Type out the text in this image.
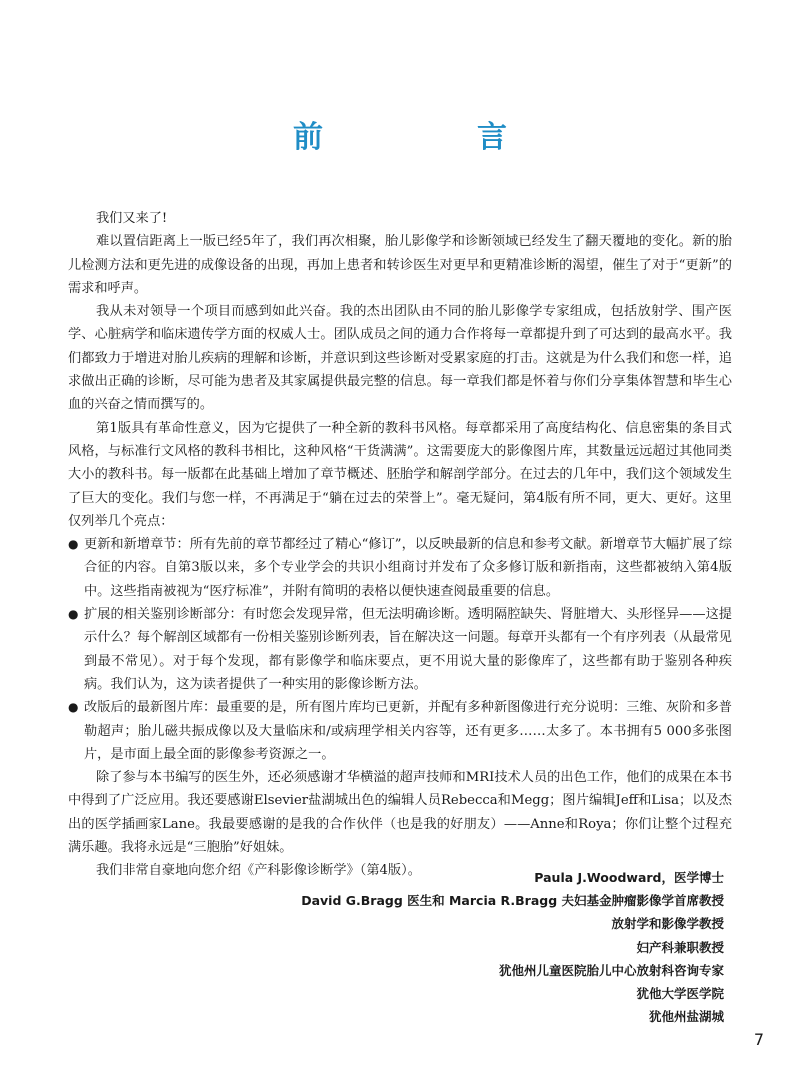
前　言

我们又来了!

难以置信距离上一版已经5年了，我们再次相聚，胎儿影像学和诊断领域已经发生了翻天覆地的变化。新的胎儿检测方法和更先进的成像设备的出现，再加上患者和转诊医生对更早和更精准诊断的渴望，催生了对于“更新”的需求和呼声。

我从未对领导一个项目而感到如此兴奋。我的杰出团队由不同的胎儿影像学专家组成，包括放射学、围产医学、心脏病学和临床遗传学方面的权威人士。团队成员之间的通力合作将每一章都提升到了可达到的最高水平。我们都致力于增进对胎儿疾病的理解和诊断，并意识到这些诊断对受累家庭的打击。这就是为什么我们和您一样，追求做出正确的诊断，尽可能为患者及其家属提供最完整的信息。每一章我们都是怀着与你们分享集体智慧和毕生心血的兴奋之情而撰写的。

第1版具有革命性意义，因为它提供了一种全新的教科书风格。每章都采用了高度结构化、信息密集的条目式风格，与标准行文风格的教科书相比，这种风格“干货满满”。这需要庞大的影像图片库，其数量远远超过其他同类大小的教科书。每一版都在此基础上增加了章节概述、胚胎学和解剖学部分。在过去的几年中，我们这个领域发生了巨大的变化。我们与您一样，不再满足于“躺在过去的荣誉上”。毫无疑问，第4版有所不同，更大、更好。这里仅列举几个亮点：

● 更新和新增章节：所有先前的章节都经过了精心“修订”，以反映最新的信息和参考文献。新增章节大幅扩展了综合征的内容。自第3版以来，多个专业学会的共识小组商讨并发布了众多修订版和新指南，这些都被纳入第4版中。这些指南被视为“医疗标准”，并附有简明的表格以便快速查阅最重要的信息。
● 扩展的相关鉴别诊断部分：有时您会发现异常，但无法明确诊断。透明隔腔缺失、肾脏增大、头形怪异——这提示什么？每个解剖区域都有一份相关鉴别诊断列表，旨在解决这一问题。每章开头都有一个有序列表（从最常见到最不常见）。对于每个发现，都有影像学和临床要点，更不用说大量的影像库了，这些都有助于鉴别各种疾病。我们认为，这为读者提供了一种实用的影像诊断方法。
● 改版后的最新图片库：最重要的是，所有图片库均已更新，并配有多种新图像进行充分说明：三维、灰阶和多普勒超声；胎儿磁共振成像以及大量临床和/或病理学相关内容等，还有更多……太多了。本书拥有5 000多张图片，是市面上最全面的影像参考资源之一。

除了参与本书编写的医生外，还必须感谢才华横溢的超声技师和MRI技术人员的出色工作，他们的成果在本书中得到了广泛应用。我还要感谢Elsevier盐湖城出色的编辑人员Rebecca和Megg；图片编辑Jeff和Lisa；以及杰出的医学插画家Lane。我最要感谢的是我的合作伙伴（也是我的好朋友）——Anne和Roya；你们让整个过程充满乐趣。我将永远是“三胞胎”好姐妹。

我们非常自豪地向您介绍《产科影像诊断学》（第4版）。	Paula J.Woodward，医学博士
David G.Bragg 医生和 Marcia R.Bragg 夫妇基金肿瘤影像学首席教授
放射学和影像学教授
妇产科兼职教授
犹他州儿童医院胎儿中心放射科咨询专家
犹他大学医学院
犹他州盐湖城
7
